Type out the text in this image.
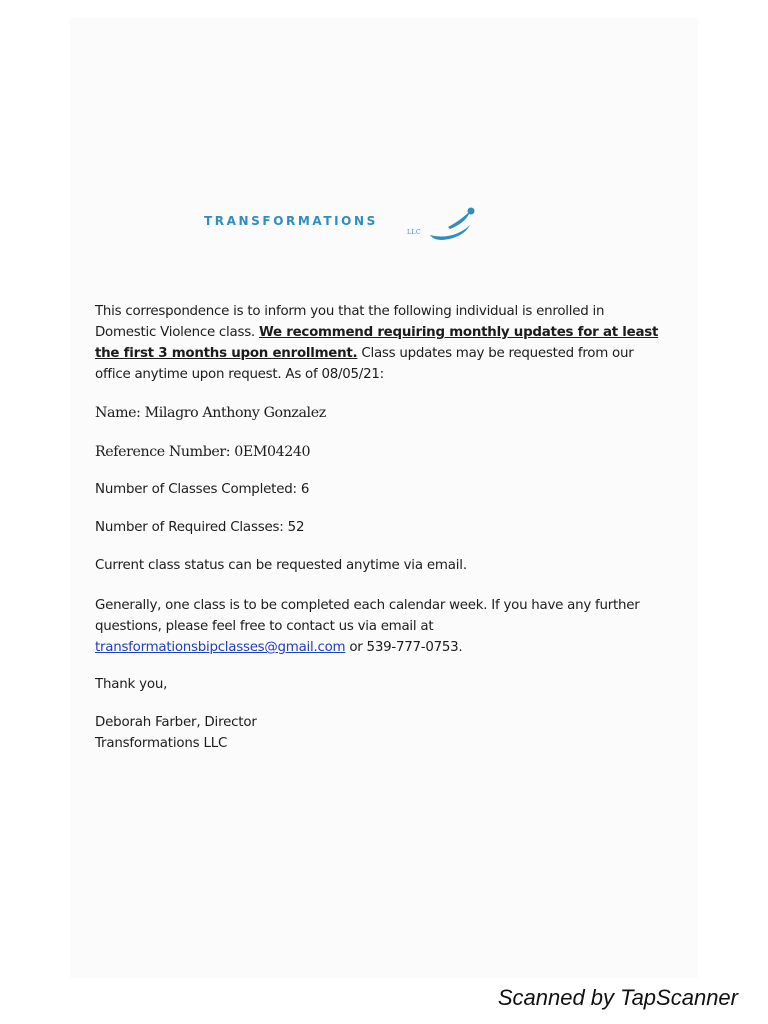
TRANSFORMATIONS
LLC
This correspondence is to inform you that the following individual is enrolled in Domestic Violence class. We recommend requiring monthly updates for at least the first 3 months upon enrollment. Class updates may be requested from our office anytime upon request. As of 08/05/21:
Name: Milagro Anthony Gonzalez
Reference Number: 0EM04240
Number of Classes Completed: 6
Number of Required Classes: 52
Current class status can be requested anytime via email.
Generally, one class is to be completed each calendar week. If you have any further questions, please feel free to contact us via email at transformationsbipclasses@gmail.com or 539-777-0753.
Thank you,
Deborah Farber, Director
Transformations LLC
Scanned by TapScanner
